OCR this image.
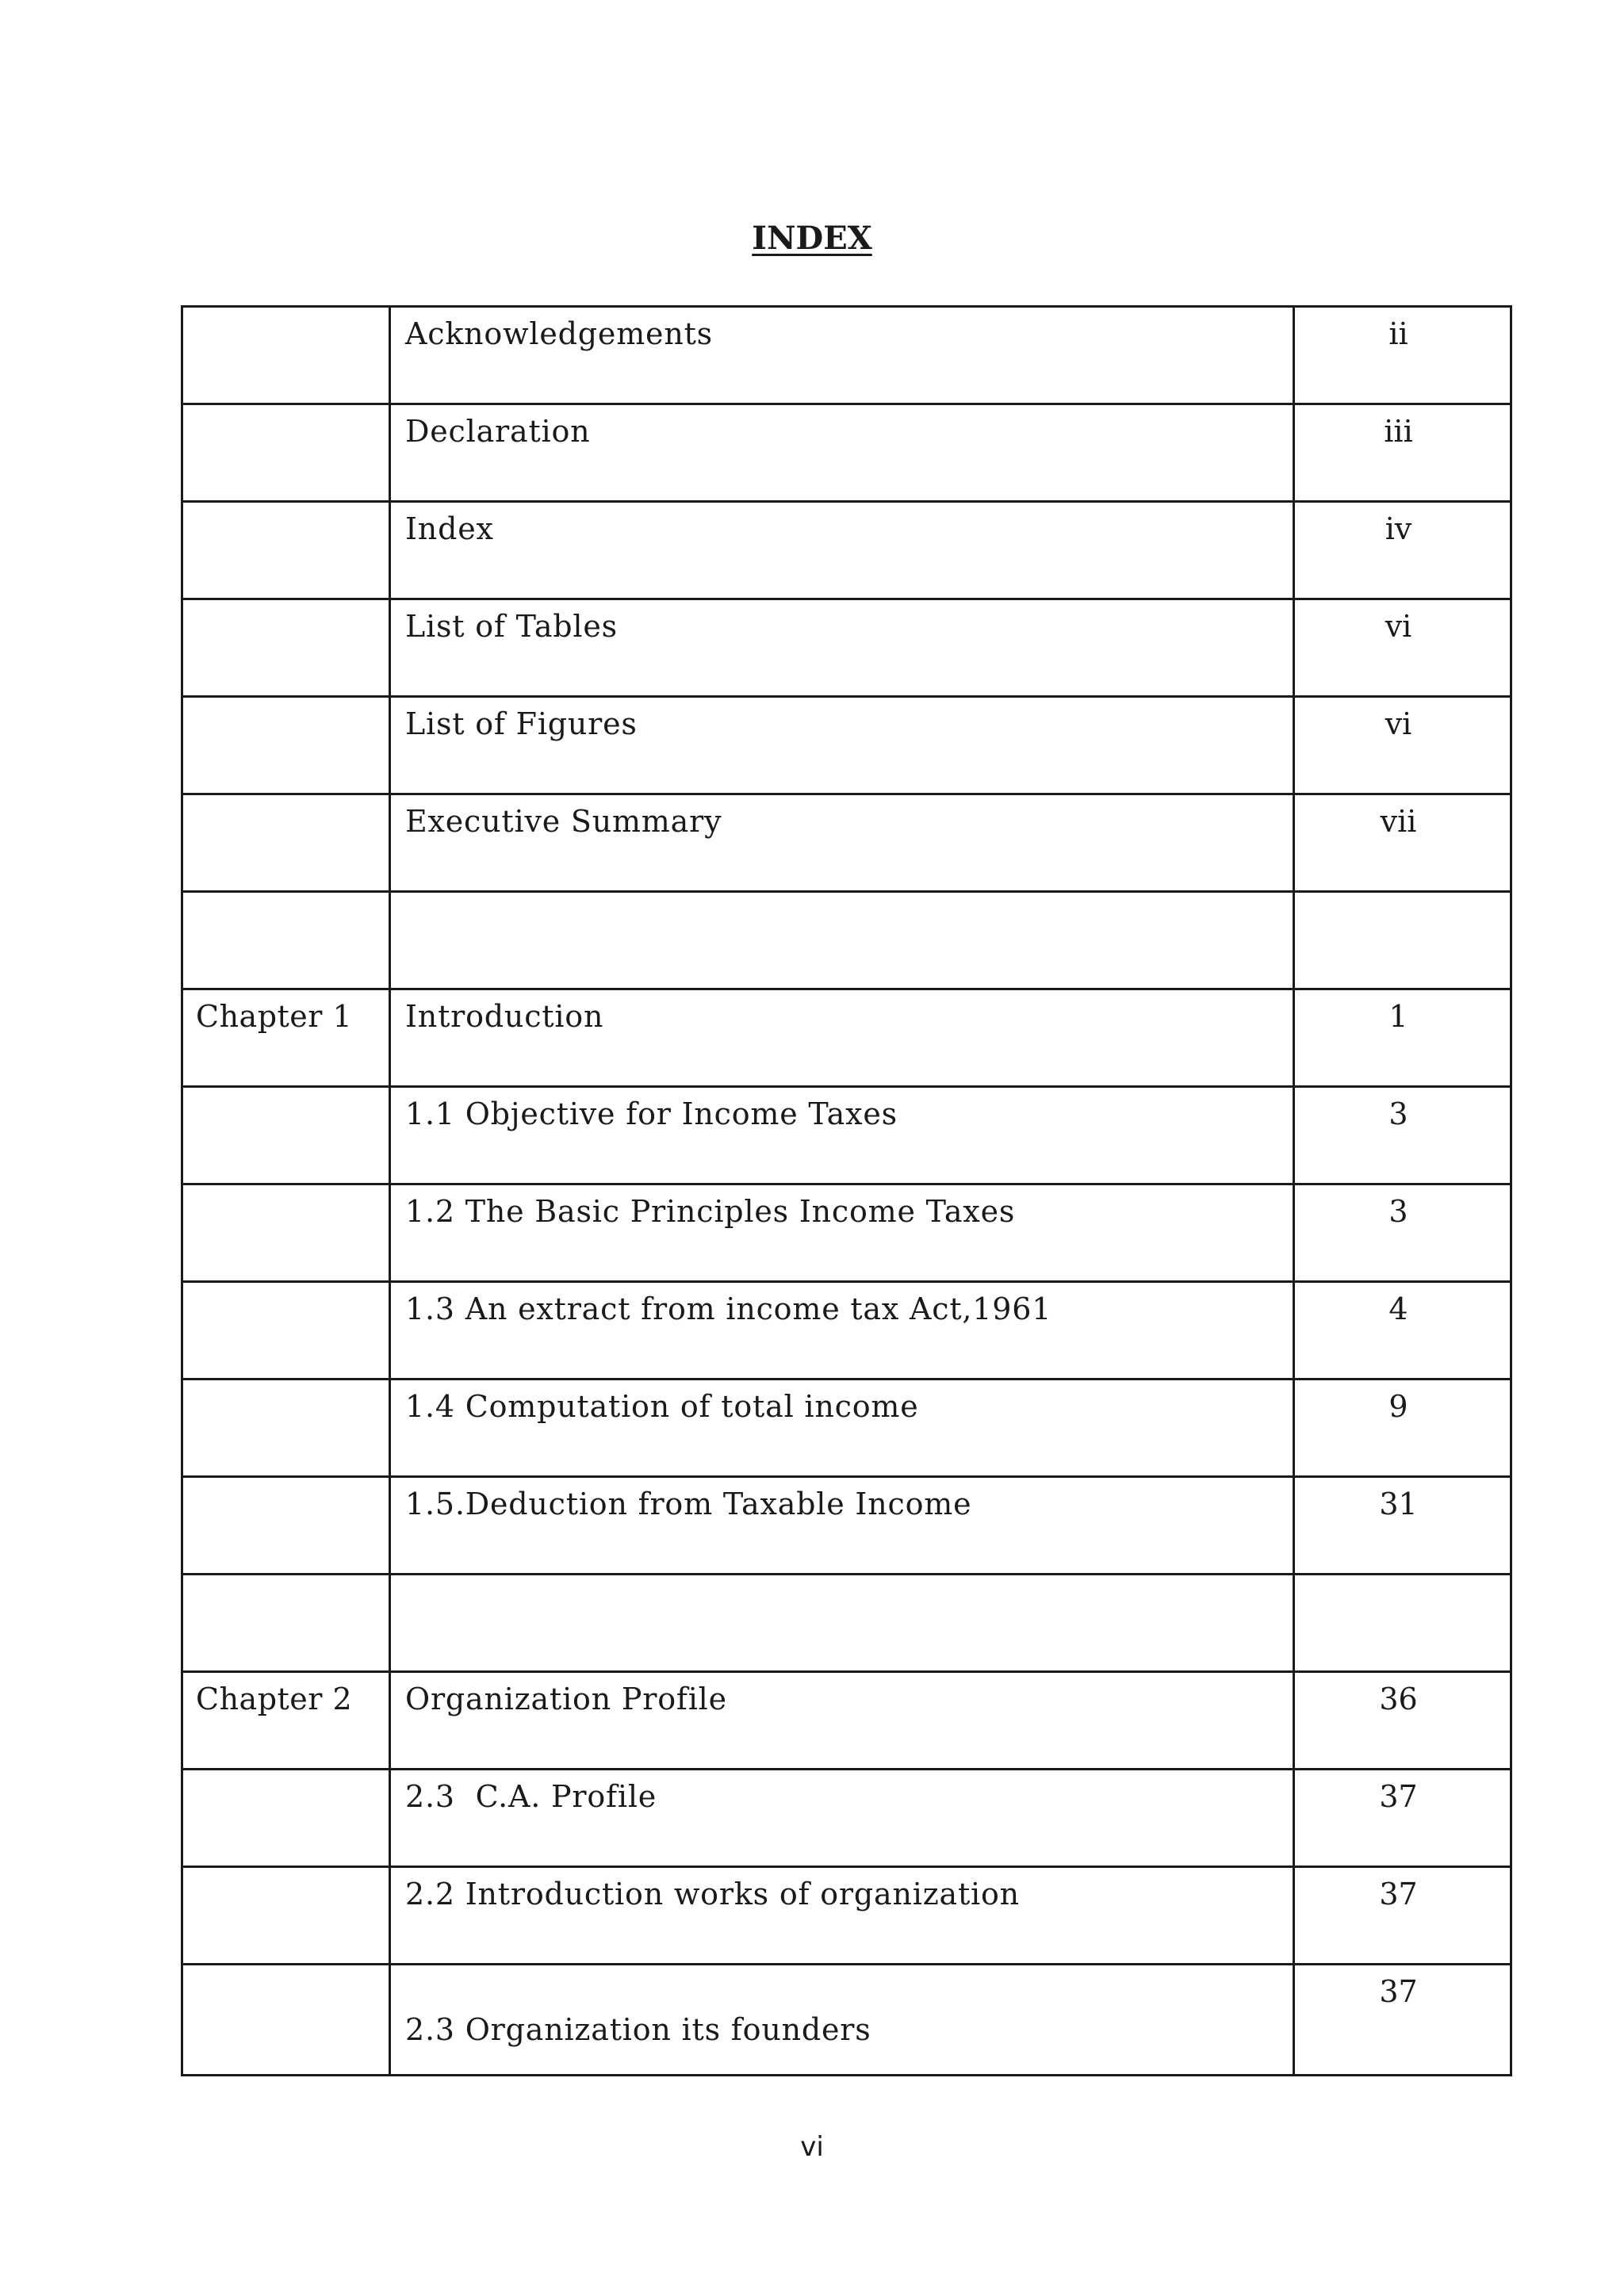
INDEX

	Acknowledgements	ii

	Declaration	iii

	Index	iv

	List of Tables	vi

	List of Figures	vi

	Executive Summary	vii

Chapter 1	Introduction	1

	1.1 Objective for Income Taxes	3

	1.2 The Basic Principles Income Taxes	3

	1.3 An extract from income tax Act,1961	4

	1.4 Computation of total income	9

	1.5.Deduction from Taxable Income	31

Chapter 2	Organization Profile	36

	2.3  C.A. Profile	37

	2.2 Introduction works of organization	37

	2.3 Organization its founders	37
vi
